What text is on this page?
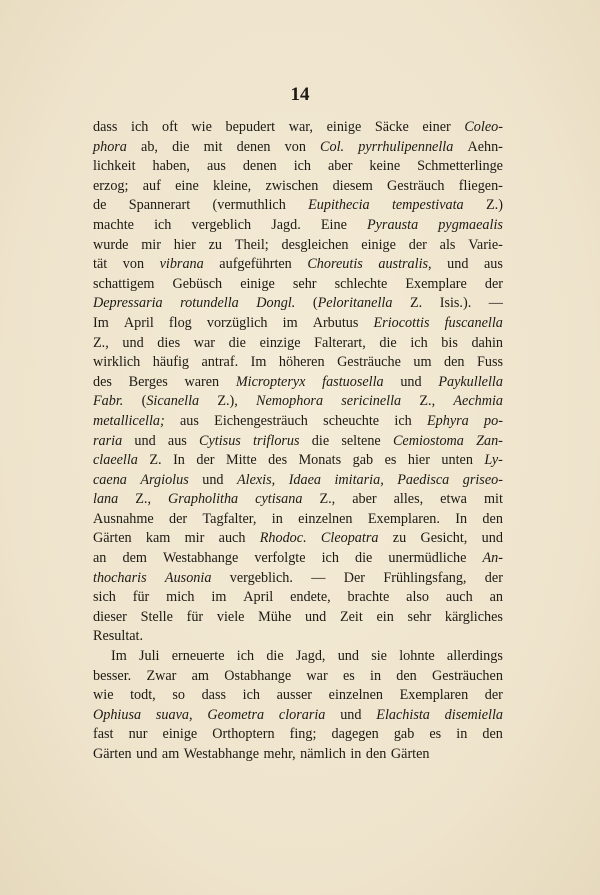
14
dass ich oft wie bepudert war, einige Säcke einer Coleo-
phora ab, die mit denen von Col. pyrrhulipennella Aehn-
lichkeit haben, aus denen ich aber keine Schmetterlinge
erzog; auf eine kleine, zwischen diesem Gesträuch fliegen-
de Spannerart (vermuthlich Eupithecia tempestivata Z.)
machte ich vergeblich Jagd. Eine Pyrausta pygmaealis
wurde mir hier zu Theil; desgleichen einige der als Varie-
tät von vibrana aufgeführten Choreutis australis, und aus
schattigem Gebüsch einige sehr schlechte Exemplare der
Depressaria rotundella Dongl. (Peloritanella Z. Isis.). —
Im April flog vorzüglich im Arbutus Eriocottis fuscanella
Z., und dies war die einzige Falterart, die ich bis dahin
wirklich häufig antraf. Im höheren Gesträuche um den Fuss
des Berges waren Micropteryx fastuosella und Paykullella
Fabr. (Sicanella Z.), Nemophora sericinella Z., Aechmia
metallicella; aus Eichengesträuch scheuchte ich Ephyra po-
raria und aus Cytisus triflorus die seltene Cemiostoma Zan-
claeella Z. In der Mitte des Monats gab es hier unten Ly-
caena Argiolus und Alexis, Idaea imitaria, Paedisca griseo-
lana Z., Grapholitha cytisana Z., aber alles, etwa mit
Ausnahme der Tagfalter, in einzelnen Exemplaren. In den
Gärten kam mir auch Rhodoc. Cleopatra zu Gesicht, und
an dem Westabhange verfolgte ich die unermüdliche An-
thocharis Ausonia vergeblich. — Der Frühlingsfang, der
sich für mich im April endete, brachte also auch an
dieser Stelle für viele Mühe und Zeit ein sehr kärgliches
Resultat.
Im Juli erneuerte ich die Jagd, und sie lohnte allerdings
besser. Zwar am Ostabhange war es in den Gesträuchen
wie todt, so dass ich ausser einzelnen Exemplaren der
Ophiusa suava, Geometra cloraria und Elachista disemiella
fast nur einige Orthoptern fing; dagegen gab es in den
Gärten und am Westabhange mehr, nämlich in den Gärten
